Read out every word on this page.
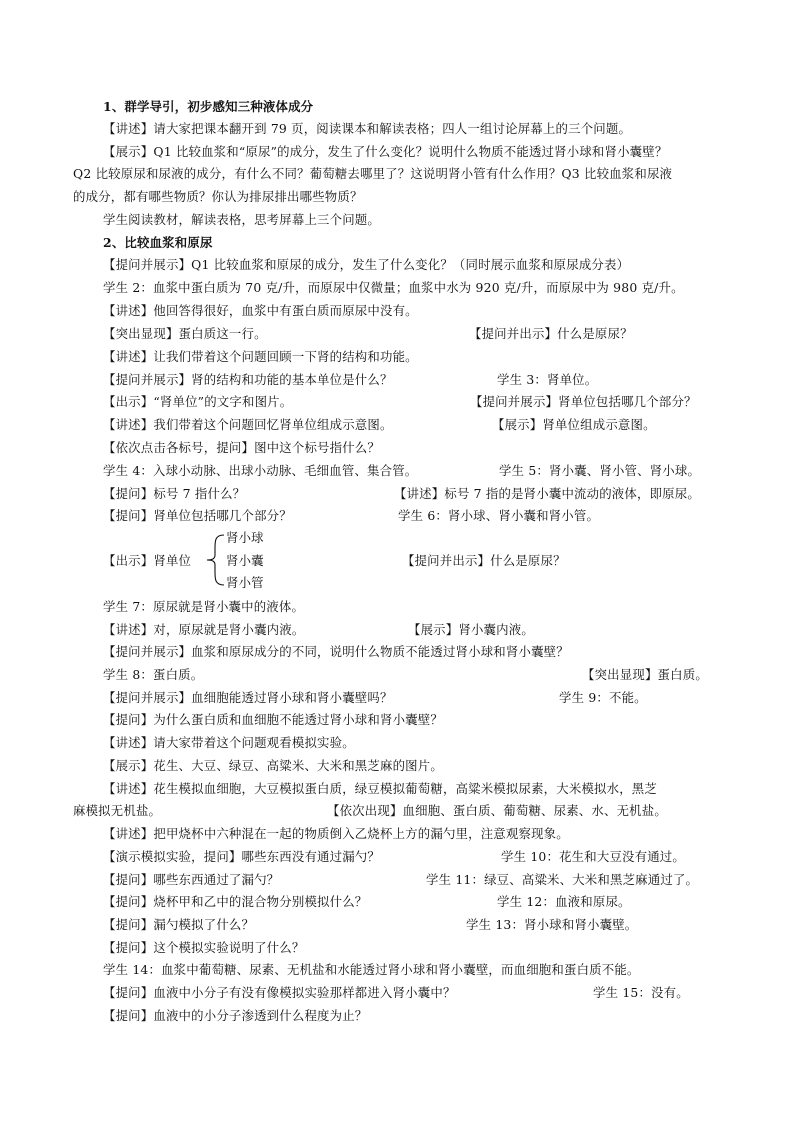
1、群学导引，初步感知三种液体成分
【讲述】请大家把课本翻开到 79 页，阅读课本和解读表格；四人一组讨论屏幕上的三个问题。
【展示】Q1 比较血浆和“原尿”的成分，发生了什么变化？说明什么物质不能透过肾小球和肾小囊壁？
Q2 比较原尿和尿液的成分，有什么不同？葡萄糖去哪里了？这说明肾小管有什么作用？Q3 比较血浆和尿液
的成分，都有哪些物质？你认为排尿排出哪些物质？
学生阅读教材，解读表格，思考屏幕上三个问题。
2、比较血浆和原尿
【提问并展示】Q1 比较血浆和原尿的成分，发生了什么变化？（同时展示血浆和原尿成分表）
学生 2：血浆中蛋白质为 70 克/升，而原尿中仅微量；血浆中水为 920 克/升，而原尿中为 980 克/升。
【讲述】他回答得很好，血浆中有蛋白质而原尿中没有。
【突出显现】蛋白质这一行。	【提问并出示】什么是原尿？
【讲述】让我们带着这个问题回顾一下肾的结构和功能。
【提问并展示】肾的结构和功能的基本单位是什么？	学生 3：肾单位。
【出示】“肾单位”的文字和图片。	【提问并展示】肾单位包括哪几个部分？
【讲述】我们带着这个问题回忆肾单位组成示意图。	【展示】肾单位组成示意图。
【依次点击各标号，提问】图中这个标号指什么？
学生 4：入球小动脉、出球小动脉、毛细血管、集合管。	学生 5：肾小囊、肾小管、肾小球。
【提问】标号 7 指什么？	【讲述】标号 7 指的是肾小囊中流动的液体，即原尿。
【提问】肾单位包括哪几个部分？	学生 6：肾小球、肾小囊和肾小管。
肾小球
【出示】肾单位	肾小囊	【提问并出示】什么是原尿？
肾小管
学生 7：原尿就是肾小囊中的液体。
【讲述】对，原尿就是肾小囊内液。	【展示】肾小囊内液。
【提问并展示】血浆和原尿成分的不同，说明什么物质不能透过肾小球和肾小囊壁？
学生 8：蛋白质。	【突出显现】蛋白质。
【提问并展示】血细胞能透过肾小球和肾小囊壁吗？	学生 9：不能。
【提问】为什么蛋白质和血细胞不能透过肾小球和肾小囊壁？
【讲述】请大家带着这个问题观看模拟实验。
【展示】花生、大豆、绿豆、高粱米、大米和黑芝麻的图片。
【讲述】花生模拟血细胞，大豆模拟蛋白质，绿豆模拟葡萄糖，高粱米模拟尿素，大米模拟水，黑芝
麻模拟无机盐。	【依次出现】血细胞、蛋白质、葡萄糖、尿素、水、无机盐。
【讲述】把甲烧杯中六种混在一起的物质倒入乙烧杯上方的漏勺里，注意观察现象。
【演示模拟实验，提问】哪些东西没有通过漏勺？	学生 10：花生和大豆没有通过。
【提问】哪些东西通过了漏勺？	学生 11：绿豆、高粱米、大米和黑芝麻通过了。
【提问】烧杯甲和乙中的混合物分别模拟什么？	学生 12：血液和原尿。
【提问】漏勺模拟了什么？	学生 13：肾小球和肾小囊壁。
【提问】这个模拟实验说明了什么？
学生 14：血浆中葡萄糖、尿素、无机盐和水能透过肾小球和肾小囊壁，而血细胞和蛋白质不能。
【提问】血液中小分子有没有像模拟实验那样都进入肾小囊中？	学生 15：没有。
【提问】血液中的小分子渗透到什么程度为止？
